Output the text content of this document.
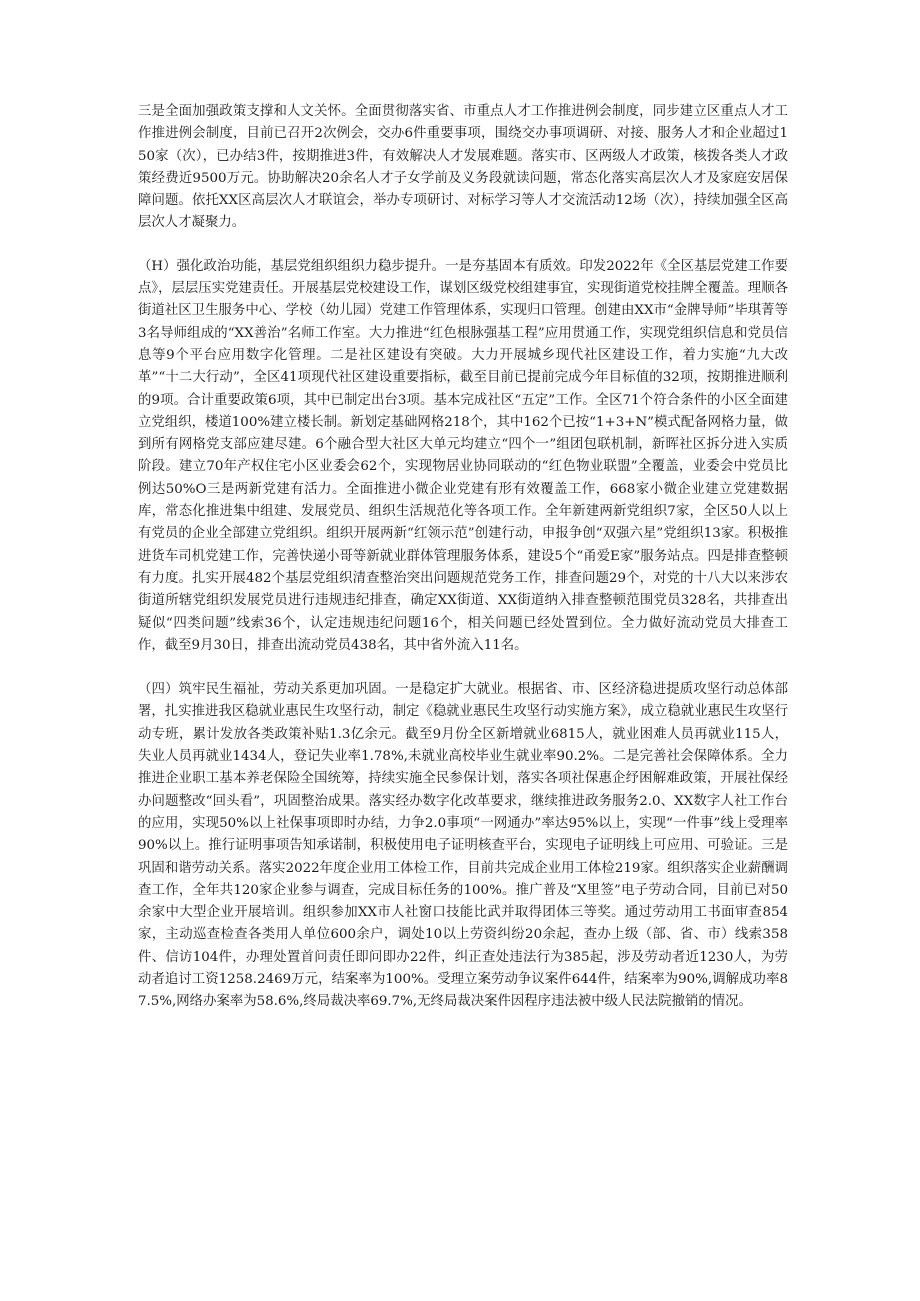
三是全面加强政策支撑和人文关怀。全面贯彻落实省、市重点人才工作推进例会制度，同步建立区重点人才工作推进例会制度，目前已召开2次例会，交办6件重要事项，围绕交办事项调研、对接、服务人才和企业超过150家（次），已办结3件，按期推进3件，有效解决人才发展难题。落实市、区两级人才政策，核拨各类人才政策经费近9500万元。协助解决20余名人才子女学前及义务段就读问题，常态化落实高层次人才及家庭安居保障问题。依托XX区高层次人才联谊会，举办专项研讨、对标学习等人才交流活动12场（次），持续加强全区高层次人才凝聚力。

（H）强化政治功能，基层党组织组织力稳步提升。一是夯基固本有质效。印发2022年《全区基层党建工作要点》，层层压实党建责任。开展基层党校建设工作，谋划区级党校组建事宜，实现街道党校挂牌全覆盖。理顺各街道社区卫生服务中心、学校（幼儿园）党建工作管理体系，实现归口管理。创建由XX市“金牌导师”毕琪菁等3名导师组成的“XX善治”名师工作室。大力推进“红色根脉强基工程”应用贯通工作，实现党组织信息和党员信息等9个平台应用数字化管理。二是社区建设有突破。大力开展城乡现代社区建设工作，着力实施“九大改革”“十二大行动”，全区41项现代社区建设重要指标，截至目前已提前完成今年目标值的32项，按期推进顺利的9项。合计重要政策6项，其中已制定出台3项。基本完成社区“五定”工作。全区71个符合条件的小区全面建立党组织，楼道100%建立楼长制。新划定基础网格218个，其中162个已按“1+3+N”模式配备网格力量，做到所有网格党支部应建尽建。6个融合型大社区大单元均建立“四个一”组团包联机制，新晖社区拆分进入实质阶段。建立70年产权住宅小区业委会62个，实现物居业协同联动的“红色物业联盟”全覆盖，业委会中党员比例达50%O三是两新党建有活力。全面推进小微企业党建有形有效覆盖工作，668家小微企业建立党建数据库，常态化推进集中组建、发展党员、组织生活规范化等各项工作。全年新建两新党组织7家，全区50人以上有党员的企业全部建立党组织。组织开展两新“红领示范”创建行动，申报争创“双强六星”党组织13家。积极推进货车司机党建工作，完善快递小哥等新就业群体管理服务体系，建设5个“甬爱E家”服务站点。四是排查整顿有力度。扎实开展482个基层党组织清查整治突出问题规范党务工作，排查问题29个，对党的十八大以来涉农街道所辖党组织发展党员进行违规违纪排查，确定XX街道、XX街道纳入排查整顿范围党员328名，共排查出疑似“四类问题”线索36个，认定违规违纪问题16个，相关问题已经处置到位。全力做好流动党员大排查工作，截至9月30日，排查出流动党员438名，其中省外流入11名。

（四）筑牢民生福祉，劳动关系更加巩固。一是稳定扩大就业。根据省、市、区经济稳进提质攻坚行动总体部署，扎实推进我区稳就业惠民生攻坚行动，制定《稳就业惠民生攻坚行动实施方案》，成立稳就业惠民生攻坚行动专班，累计发放各类政策补贴1.3亿余元。截至9月份全区新增就业6815人，就业困难人员再就业115人，失业人员再就业1434人，登记失业率1.78%,未就业高校毕业生就业率90.2%。二是完善社会保障体系。全力推进企业职工基本养老保险全国统筹，持续实施全民参保计划，落实各项社保惠企纾困解难政策，开展社保经办问题整改“回头看”，巩固整治成果。落实经办数字化改革要求，继续推进政务服务2.0、XX数字人社工作台的应用，实现50%以上社保事项即时办结，力争2.0事项“一网通办”率达95%以上，实现“一件事”线上受理率90%以上。推行证明事项告知承诺制，积极使用电子证明核查平台，实现电子证明线上可应用、可验证。三是巩固和谐劳动关系。落实2022年度企业用工体检工作，目前共完成企业用工体检219家。组织落实企业薪酬调查工作，全年共120家企业参与调查，完成目标任务的100%。推广普及“X里签”电子劳动合同，目前已对50余家中大型企业开展培训。组织参加XX市人社窗口技能比武并取得团体三等奖。通过劳动用工书面审查854家，主动巡查检查各类用人单位600余户，调处10以上劳资纠纷20余起，查办上级（部、省、市）线索358件、信访104件，办理处置首问责任即问即办22件，纠正查处违法行为385起，涉及劳动者近1230人，为劳动者追讨工资1258.2469万元，结案率为100%。受理立案劳动争议案件644件，结案率为90%,调解成功率87.5%,网络办案率为58.6%,终局裁决率69.7%,无终局裁决案件因程序违法被中级人民法院撤销的情况。
